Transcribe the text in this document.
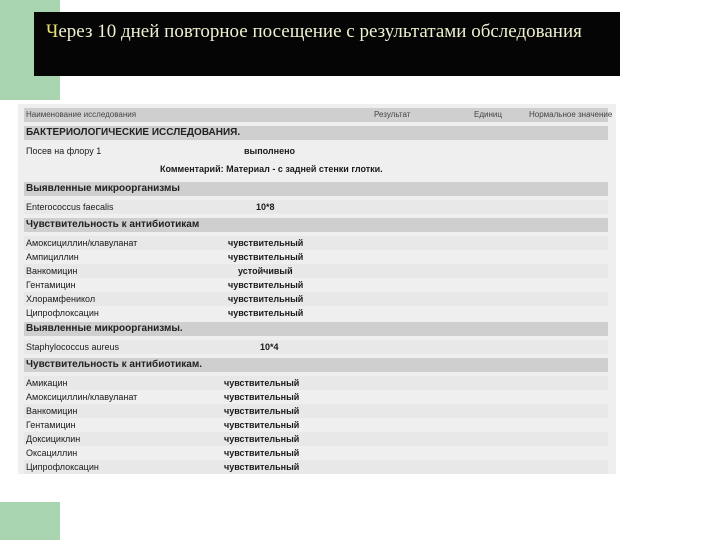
Через 10 дней повторное посещение с результатами обследования
Наименование исследования	Результат	Единиц	Нормальное значение
БАКТЕРИОЛОГИЧЕСКИЕ ИССЛЕДОВАНИЯ.
Посев на флору 1	выполнено
Комментарий: Материал - с задней стенки глотки.
Выявленные микроорганизмы
Enterococcus faecalis	10*8
Чувствительность к антибиотикам
Амоксициллин/клавуланат	чувствительный
Ампициллин	чувствительный
Ванкомицин	устойчивый
Гентамицин	чувствительный
Хлорамфеникол	чувствительный
Ципрофлоксацин	чувствительный
Выявленные микроорганизмы.
Staphylococcus aureus	10*4
Чувствительность к антибиотикам.
Амикацин	чувствительный
Амоксициллин/клавуланат	чувствительный
Ванкомицин	чувствительный
Гентамицин	чувствительный
Доксициклин	чувствительный
Оксациллин	чувствительный
Ципрофлоксацин	чувствительный
